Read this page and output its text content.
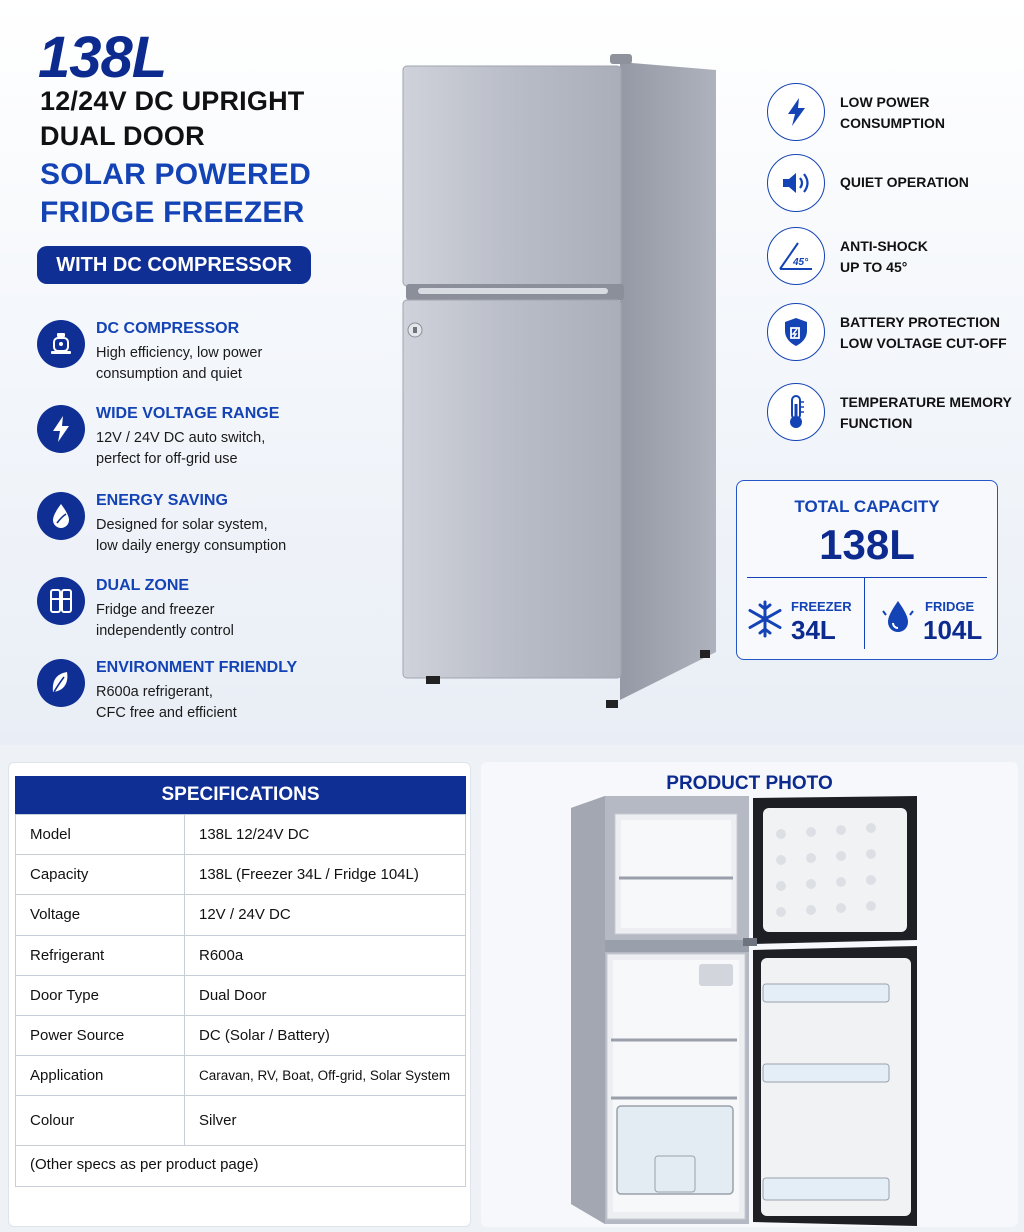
138L
12/24V DC UPRIGHT
DUAL DOOR
SOLAR POWERED
FRIDGE FREEZER
WITH DC COMPRESSOR
DC COMPRESSOR
High efficiency, low power
consumption and quiet
WIDE VOLTAGE RANGE
12V / 24V DC auto switch,
perfect for off-grid use
ENERGY SAVING
Designed for solar system,
low daily energy consumption
DUAL ZONE
Fridge and freezer
independently control
ENVIRONMENT FRIENDLY
R600a refrigerant,
CFC free and efficient
LOW POWER
CONSUMPTION
QUIET OPERATION
45°
ANTI-SHOCK
UP TO 45°
BATTERY PROTECTION
LOW VOLTAGE CUT-OFF
TEMPERATURE MEMORY
FUNCTION
TOTAL CAPACITY
138L
FREEZER
34L
FRIDGE
104L
SPECIFICATIONS
Model	138L 12/24V DC
Capacity	138L (Freezer 34L / Fridge 104L)
Voltage	12V / 24V DC
Refrigerant	R600a
Door Type	Dual Door
Power Source	DC (Solar / Battery)
Application	Caravan, RV, Boat, Off-grid, Solar System
Colour	Silver
(Other specs as per product page)
PRODUCT PHOTO
